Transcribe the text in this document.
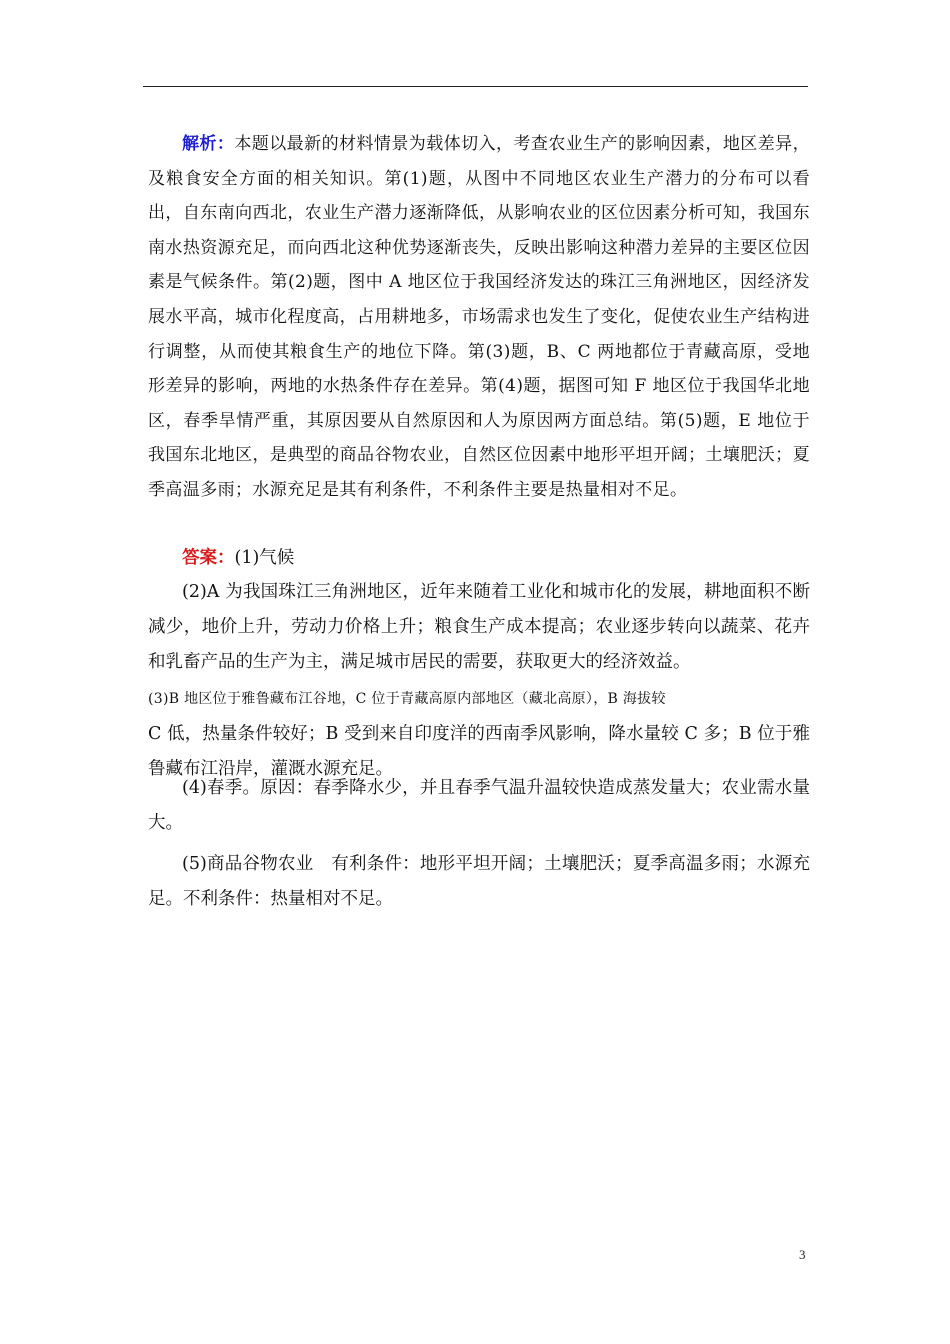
解析：本题以最新的材料情景为载体切入，考查农业生产的影响因素，地区差异，及粮食安全方面的相关知识。第(1)题，从图中不同地区农业生产潜力的分布可以看出，自东南向西北，农业生产潜力逐渐降低，从影响农业的区位因素分析可知，我国东南水热资源充足，而向西北这种优势逐渐丧失，反映出影响这种潜力差异的主要区位因素是气候条件。第(2)题，图中 A 地区位于我国经济发达的珠江三角洲地区，因经济发展水平高，城市化程度高，占用耕地多，市场需求也发生了变化，促使农业生产结构进行调整，从而使其粮食生产的地位下降。第(3)题，B、C 两地都位于青藏高原，受地形差异的影响，两地的水热条件存在差异。第(4)题，据图可知 F 地区位于我国华北地区，春季旱情严重，其原因要从自然原因和人为原因两方面总结。第(5)题，E 地位于我国东北地区，是典型的商品谷物农业，自然区位因素中地形平坦开阔；土壤肥沃；夏季高温多雨；水源充足是其有利条件，不利条件主要是热量相对不足。

答案：(1)气候

(2)A 为我国珠江三角洲地区，近年来随着工业化和城市化的发展，耕地面积不断减少，地价上升，劳动力价格上升；粮食生产成本提高；农业逐步转向以蔬菜、花卉和乳畜产品的生产为主，满足城市居民的需要，获取更大的经济效益。

(3)B 地区位于雅鲁藏布江谷地，C 位于青藏高原内部地区（藏北高原），B 海拔较
C 低，热量条件较好；B 受到来自印度洋的西南季风影响，降水量较 C 多；B 位于雅鲁藏布江沿岸，灌溉水源充足。

(4)春季。原因：春季降水少，并且春季气温升温较快造成蒸发量大；农业需水量大。

(5)商品谷物农业　有利条件：地形平坦开阔；土壤肥沃；夏季高温多雨；水源充足。不利条件：热量相对不足。

3
